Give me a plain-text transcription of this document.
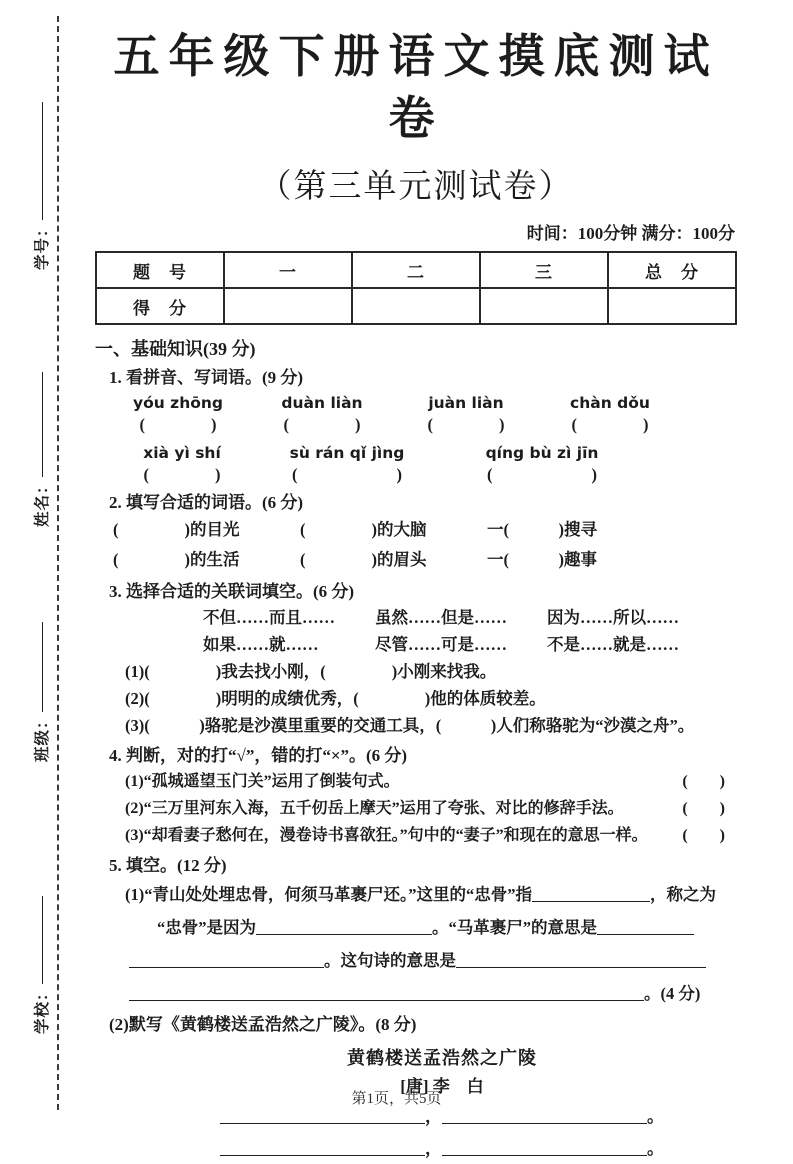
学号：
姓名：
班级：
学校：
五年级下册语文摸底测试卷
（第三单元测试卷）
时间：100分钟 满分：100分
题　号	一	二	三	总　分
得　分				
一、基础知识(39 分)
1. 看拼音、写词语。(9 分)
yóu zhōng
(　　　　)
duàn liàn
(　　　　)
juàn liàn
(　　　　)
chàn dǒu
(　　　　)
xià yì shí
(　　　　)
sù rán qǐ jìng
(　　　　　　)
qíng bù zì jīn
(　　　　　　)
2. 填写合适的词语。(6 分)
(　　　　)的目光	(　　　　)的大脑	一(　　　)搜寻
(　　　　)的生活	(　　　　)的眉头	一(　　　)趣事
3. 选择合适的关联词填空。(6 分)
不但……而且……	虽然……但是……	因为……所以……
如果……就……	尽管……可是……	不是……就是……
(1)(　　　　)我去找小刚，(　　　　)小刚来找我。
(2)(　　　　)明明的成绩优秀，(　　　　)他的体质较差。
(3)(　　　)骆驼是沙漠里重要的交通工具，(　　　)人们称骆驼为“沙漠之舟”。
4. 判断，对的打“√”，错的打“×”。(6 分)
(1)“孤城遥望玉门关”运用了倒装句式。	(　　)
(2)“三万里河东入海，五千仞岳上摩天”运用了夸张、对比的修辞手法。	(　　)
(3)“却看妻子愁何在，漫卷诗书喜欲狂。”句中的“妻子”和现在的意思一样。 (　　)
5. 填空。(12 分)
(1)“青山处处埋忠骨，何须马革裹尸还。”这里的“忠骨”指	，称之为
“忠骨”是因为	。“马革裹尸”的意思是
。这句诗的意思是
。(4 分)
(2)默写《黄鹤楼送孟浩然之广陵》。(8 分)
黄鹤楼送孟浩然之广陵
[唐] 李　白
，	。
，	。
第1页，共5页
